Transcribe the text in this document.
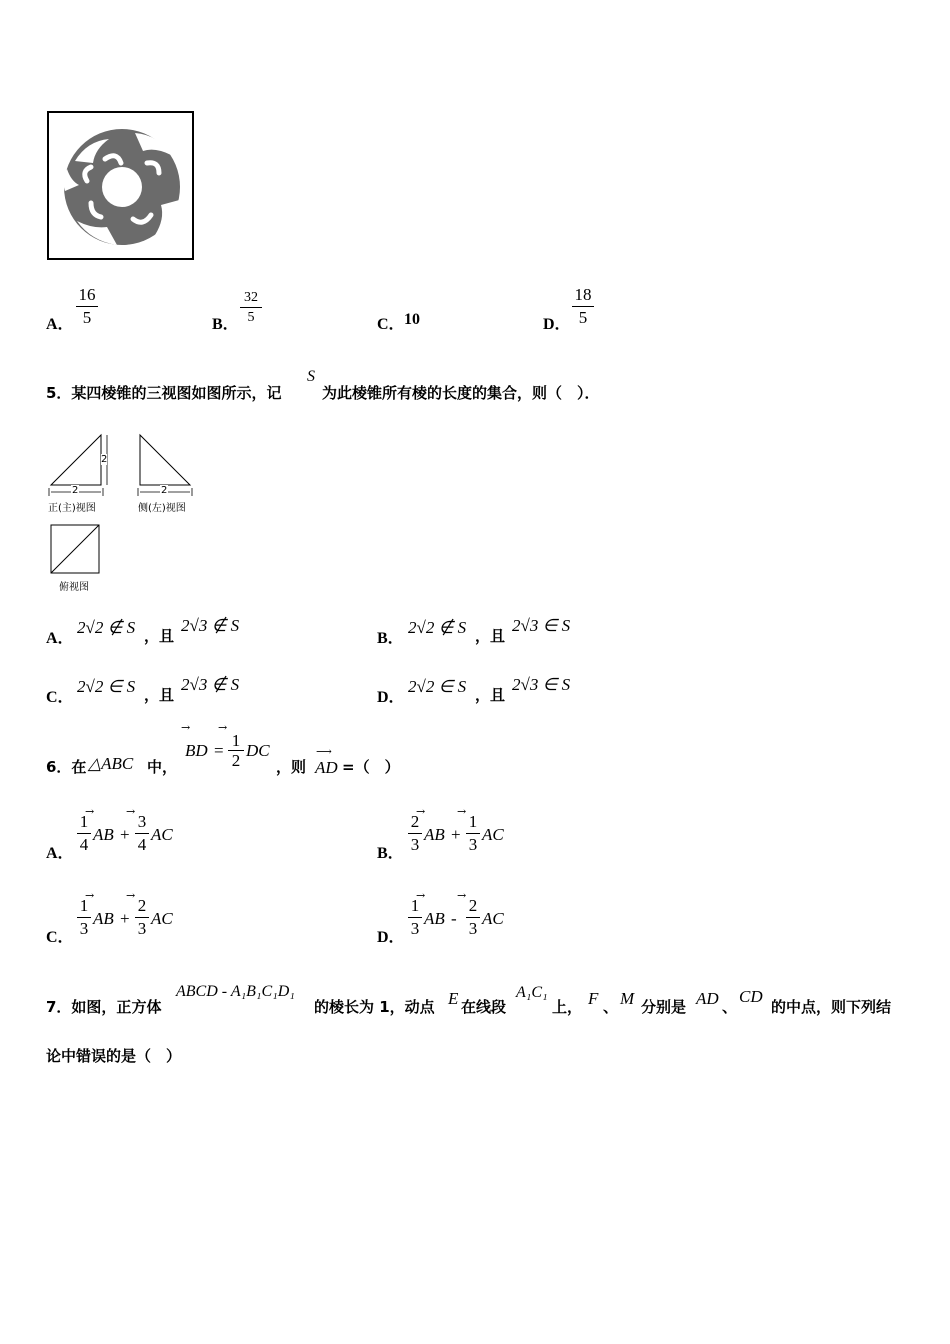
A．
16
5	B．
32
5	C． 10	D．
18
5
5．某四棱锥的三视图如图所示，记
S
为此棱锥所有棱的长度的集合，则（　）．
2
2	2
正(主)视图	侧(左)视图
俯视图
A．
2√2 ∉ S ，且
2√3 ∉ S
B．
2√2 ∉ S ，且
2√3 ∈ S
C．
2√2 ∈ S ，且
2√3 ∉ S
D．
2√2 ∈ S ，且
2√3 ∈ S
6．在 △ABC 中，
→
BD =
1
2
→
DC
，则
⟶
AD =（　）
A．
1
4
→
AB +
3
4
→
AC
B．
2
3
→
AB +
1
3
→
AC
C．
1
3
→
AB +
2
3
→
AC
D．
1
3
→
AB -
2
3
→
AC
7．如图，正方体
ABCD - A₁B₁C₁D₁
的棱长为 1，动点 E 在线段
A₁C₁
上， F 、 M 分别是 AD 、
CD
的中点，则下列结
论中错误的是（　）
